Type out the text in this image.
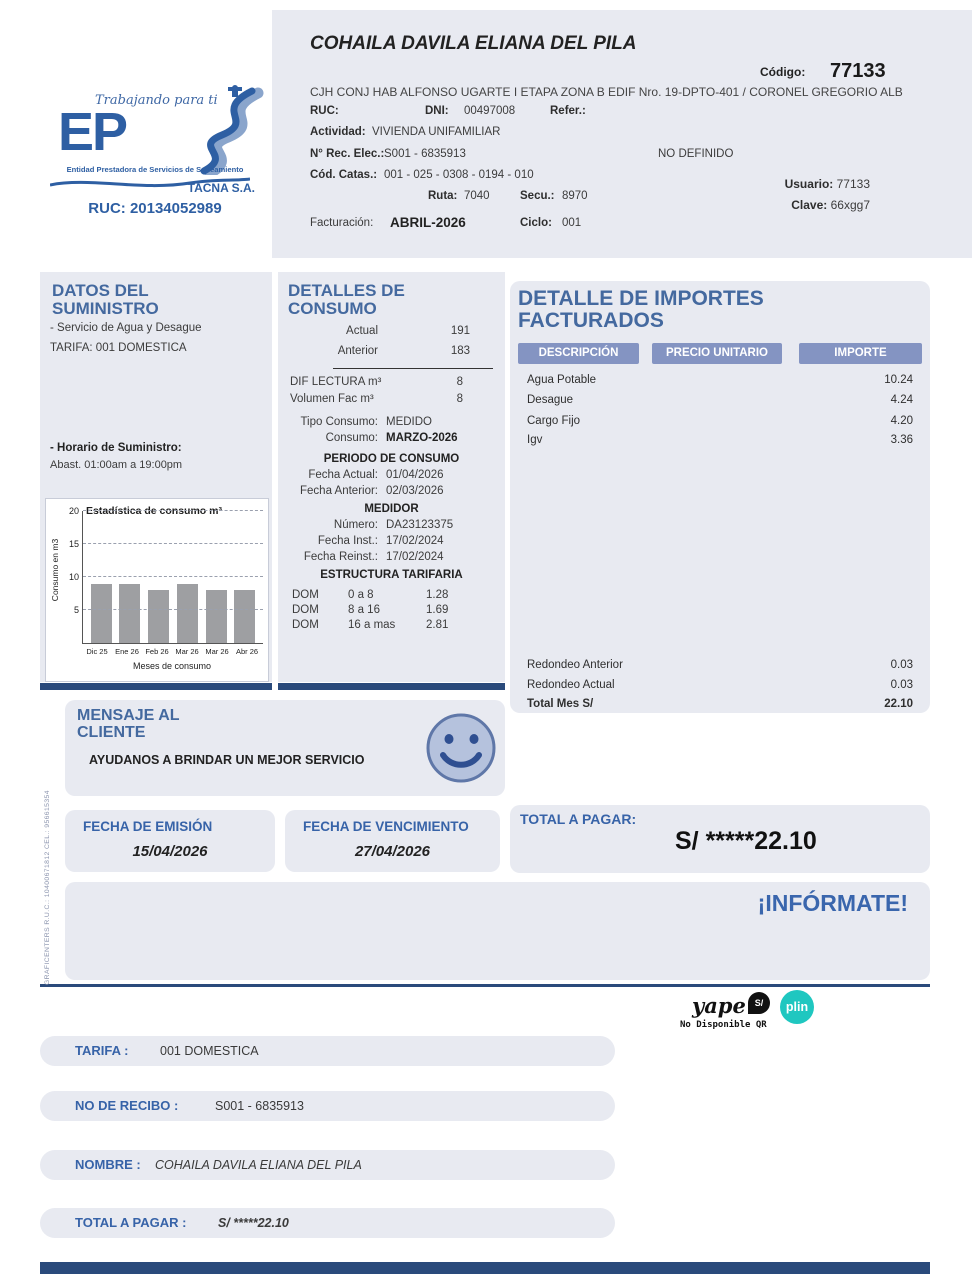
Trabajando para ti
EP
Entidad Prestadora de Servicios de Saneamiento
TACNA S.A.
RUC: 20134052989
COHAILA DAVILA ELIANA DEL PILA
Código: 77133
CJH CONJ HAB ALFONSO UGARTE I ETAPA ZONA B EDIF Nro. 19-DPTO-401 / CORONEL GREGORIO ALB
RUC:	DNI: 00497008	Refer.:
Actividad: VIVIENDA UNIFAMILIAR
N° Rec. Elec.: S001 - 6835913	NO DEFINIDO
Cód. Catas.: 001 - 025 - 0308 - 0194 - 010
Ruta: 7040	Secu.: 8970
Usuario: 77133
Clave: 66xgg7
Facturación: ABRIL-2026	Ciclo: 001
DATOS DEL SUMINISTRO
- Servicio de Agua y Desague
TARIFA: 001 DOMESTICA
- Horario de Suministro:
Abast. 01:00am a 19:00pm
Estadística de consumo m³
Consumo en m3
5
10
15
20
Dic 25 Ene 26 Feb 26 Mar 26 Mar 26 Abr 26
Meses de consumo
DETALLES DE CONSUMO
Actual	191
Anterior	183
DIF LECTURA m³	8
Volumen Fac m³	8
Tipo Consumo: MEDIDO
Consumo: MARZO-2026
PERIODO DE CONSUMO
Fecha Actual: 01/04/2026
Fecha Anterior: 02/03/2026
MEDIDOR
Número: DA23123375
Fecha Inst.: 17/02/2024
Fecha Reinst.: 17/02/2024
ESTRUCTURA TARIFARIA
DOM	0 a 8	1.28
DOM	8 a 16	1.69
DOM	16 a mas	2.81
DETALLE DE IMPORTES FACTURADOS
DESCRIPCIÓN	PRECIO UNITARIO	IMPORTE
Agua Potable	10.24
Desague	4.24
Cargo Fijo	4.20
Igv	3.36
Redondeo Anterior	0.03
Redondeo Actual	0.03
Total Mes S/	22.10
MENSAJE AL CLIENTE
AYUDANOS A BRINDAR UN MEJOR SERVICIO
FECHA DE EMISIÓN
15/04/2026
FECHA DE VENCIMIENTO
27/04/2026
TOTAL A PAGAR:
S/ *****22.10
¡INFÓRMATE!
yape S/	plin
No Disponible QR
TARIFA :	001 DOMESTICA
NO DE RECIBO :	S001 - 6835913
NOMBRE : COHAILA DAVILA ELIANA DEL PILA
TOTAL A PAGAR :	S/ *****22.10
GRAFICENTERS R.U.C.: 10400671812 CEL.: 956615354
